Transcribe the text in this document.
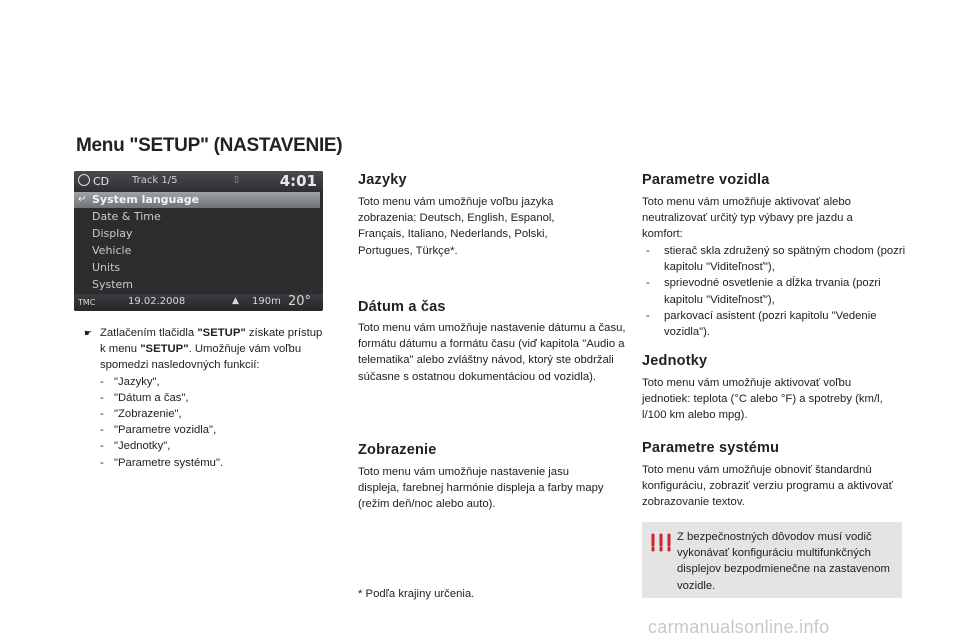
Menu "SETUP" (NASTAVENIE)
CD Track 1/5	▯	4:01
↵ System language
Date & Time
Display
Vehicle
Units
System
TMC	19.02.2008	▲ 190m 20°
☛ Zatlačením tlačidla "SETUP" získate prístup k menu "SETUP". Umožňuje vám voľbu spomedzi nasledovných funkcií:
- "Jazyky",
- "Dátum a čas",
- "Zobrazenie",
- "Parametre vozidla",
- "Jednotky",
- "Parametre systému".
Jazyky

Toto menu vám umožňuje voľbu jazyka zobrazenia: Deutsch, English, Espanol, Français, Italiano, Nederlands, Polski, Portugues, Türkçe*.

Dátum a čas

Toto menu vám umožňuje nastavenie dátumu a času, formátu dátumu a formátu času (viď kapitola "Audio a telematika" alebo zvláštny návod, ktorý ste obdržali súčasne s ostatnou dokumentáciou od vozidla).

Zobrazenie

Toto menu vám umožňuje nastavenie jasu displeja, farebnej harmónie displeja a farby mapy (režim deň/noc alebo auto).

* Podľa krajiny určenia.
Parametre vozidla

Toto menu vám umožňuje aktivovať alebo neutralizovať určitý typ výbavy pre jazdu a komfort:

- stierač skla združený so spätným chodom (pozri kapitolu "Viditeľnosť"),
- sprievodné osvetlenie a dĺžka trvania (pozri kapitolu "Viditeľnosť"),
- parkovací asistent (pozri kapitolu "Vedenie vozidla").
Jednotky

Toto menu vám umožňuje aktivovať voľbu jednotiek: teplota (°C alebo °F) a spotreby (km/l, l/100 km alebo mpg).

Parametre systému

Toto menu vám umožňuje obnoviť štandardnú konfiguráciu, zobraziť verziu programu a aktivovať zobrazovanie textov.

Z bezpečnostných dôvodov musí vodič vykonávať konfiguráciu multifunkčných displejov bezpodmienečne na zastavenom vozidle.
carmanualsonline.info
